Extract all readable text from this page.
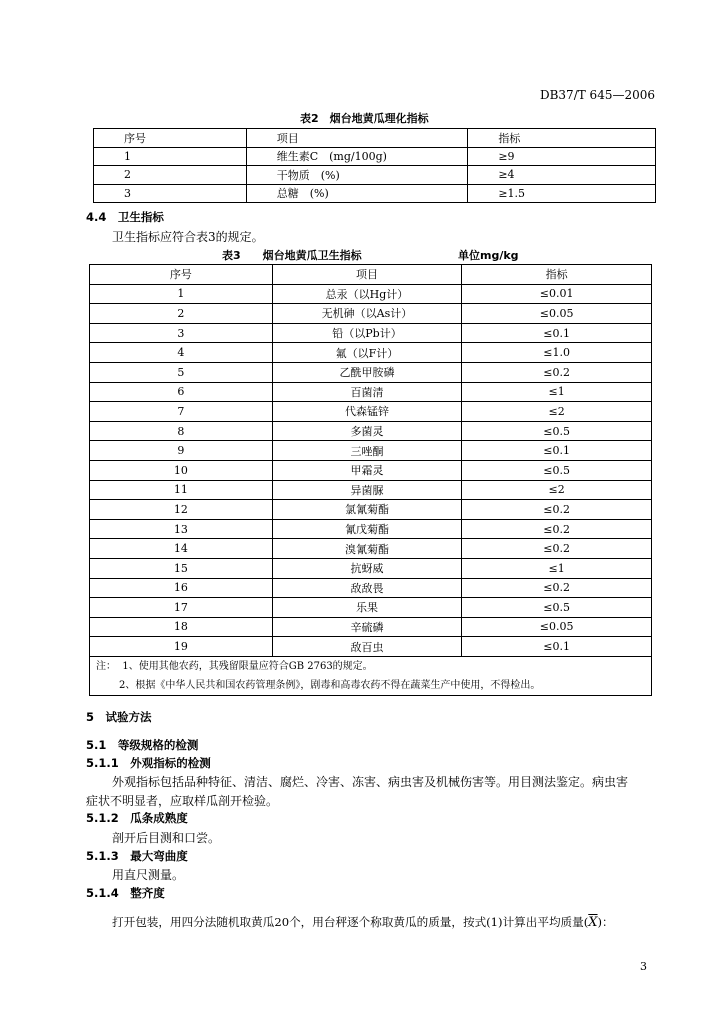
DB37/T 645—2006
表2　烟台地黄瓜理化指标
序号	项目	指标
1	维生素C　(mg/100g)	≥9
2	干物质　(%)	≥4
3	总糖　(%)	≥1.5
4.4　卫生指标
卫生指标应符合表3的规定。
表3　　烟台地黄瓜卫生指标	单位mg/kg
序号	项目	指标
1	总汞（以Hg计）	≤0.01
2	无机砷（以As计）	≤0.05
3	铅（以Pb计）	≤0.1
4	氟（以F计）	≤1.0
5	乙酰甲胺磷	≤0.2
6	百菌清	≤1
7	代森锰锌	≤2
8	多菌灵	≤0.5
9	三唑酮	≤0.1
10	甲霜灵	≤0.5
11	异菌脲	≤2
12	氯氰菊酯	≤0.2
13	氰戊菊酯	≤0.2
14	溴氰菊酯	≤0.2
15	抗蚜威	≤1
16	敌敌畏	≤0.2
17	乐果	≤0.5
18	辛硫磷	≤0.05
19	敌百虫	≤0.1

注： 1、使用其他农药，其残留限量应符合GB 2763的规定。
2、根据《中华人民共和国农药管理条例》，剧毒和高毒农药不得在蔬菜生产中使用，不得检出。		
5　试验方法
5.1　等级规格的检测
5.1.1　外观指标的检测
外观指标包括品种特征、清洁、腐烂、冷害、冻害、病虫害及机械伤害等。用目测法鉴定。病虫害
症状不明显者，应取样瓜剖开检验。
5.1.2　瓜条成熟度
剖开后目测和口尝。
5.1.3　最大弯曲度
用直尺测量。
5.1.4　整齐度
打开包装，用四分法随机取黄瓜20个，用台秤逐个称取黄瓜的质量，按式(1)计算出平均质量$(\overline{X})$：
3
